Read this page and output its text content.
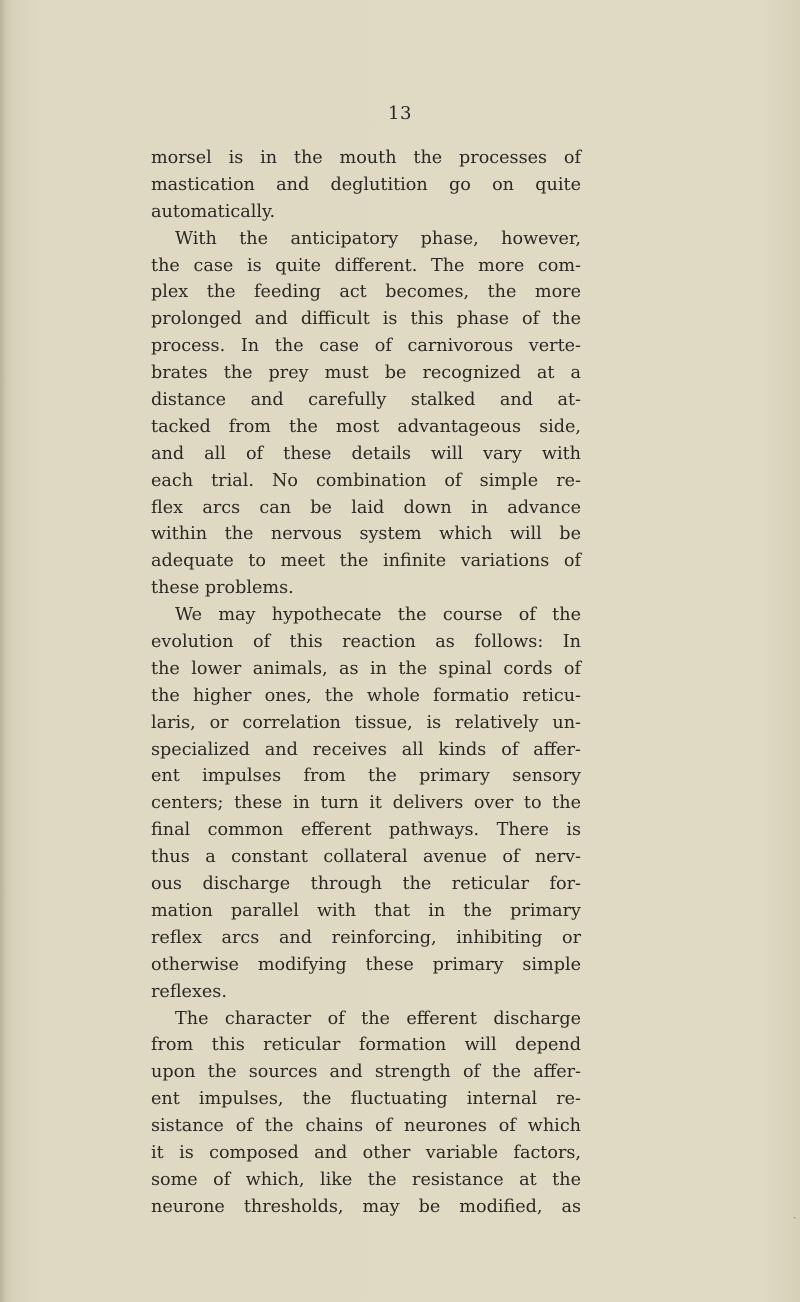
13
morsel is in the mouth the processes of
mastication and deglutition go on quite
automatically.
With the anticipatory phase, however,
the case is quite different. The more com-
plex the feeding act becomes, the more
prolonged and difficult is this phase of the
process. In the case of carnivorous verte-
brates the prey must be recognized at a
distance and carefully stalked and at-
tacked from the most advantageous side,
and all of these details will vary with
each trial. No combination of simple re-
flex arcs can be laid down in advance
within the nervous system which will be
adequate to meet the infinite variations of
these problems.
We may hypothecate the course of the
evolution of this reaction as follows: In
the lower animals, as in the spinal cords of
the higher ones, the whole formatio reticu-
laris, or correlation tissue, is relatively un-
specialized and receives all kinds of affer-
ent impulses from the primary sensory
centers; these in turn it delivers over to the
final common efferent pathways. There is
thus a constant collateral avenue of nerv-
ous discharge through the reticular for-
mation parallel with that in the primary
reflex arcs and reinforcing, inhibiting or
otherwise modifying these primary simple
reflexes.
The character of the efferent discharge
from this reticular formation will depend
upon the sources and strength of the affer-
ent impulses, the fluctuating internal re-
sistance of the chains of neurones of which
it is composed and other variable factors,
some of which, like the resistance at the
neurone thresholds, may be modified, as	ˎ
